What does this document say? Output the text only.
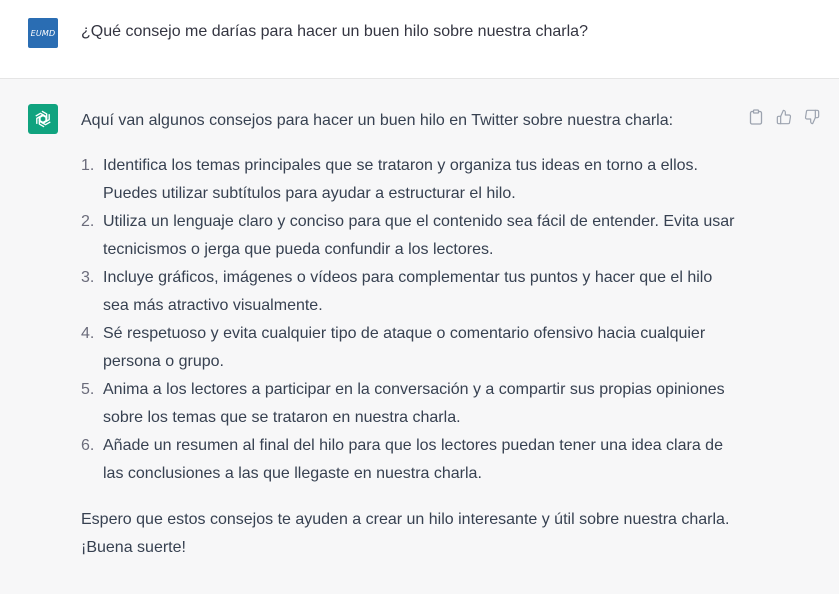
EUMD ¿Qué consejo me darías para hacer un buen hilo sobre nuestra charla?

Aquí van algunos consejos para hacer un buen hilo en Twitter sobre nuestra charla:

1. Identifica los temas principales que se trataron y organiza tus ideas en torno a ellos. Puedes utilizar subtítulos para ayudar a estructurar el hilo.
2. Utiliza un lenguaje claro y conciso para que el contenido sea fácil de entender. Evita usar tecnicismos o jerga que pueda confundir a los lectores.
3. Incluye gráficos, imágenes o vídeos para complementar tus puntos y hacer que el hilo sea más atractivo visualmente.
4. Sé respetuoso y evita cualquier tipo de ataque o comentario ofensivo hacia cualquier persona o grupo.
5. Anima a los lectores a participar en la conversación y a compartir sus propias opiniones sobre los temas que se trataron en nuestra charla.
6. Añade un resumen al final del hilo para que los lectores puedan tener una idea clara de las conclusiones a las que llegaste en nuestra charla.

Espero que estos consejos te ayuden a crear un hilo interesante y útil sobre nuestra charla.
¡Buena suerte!
